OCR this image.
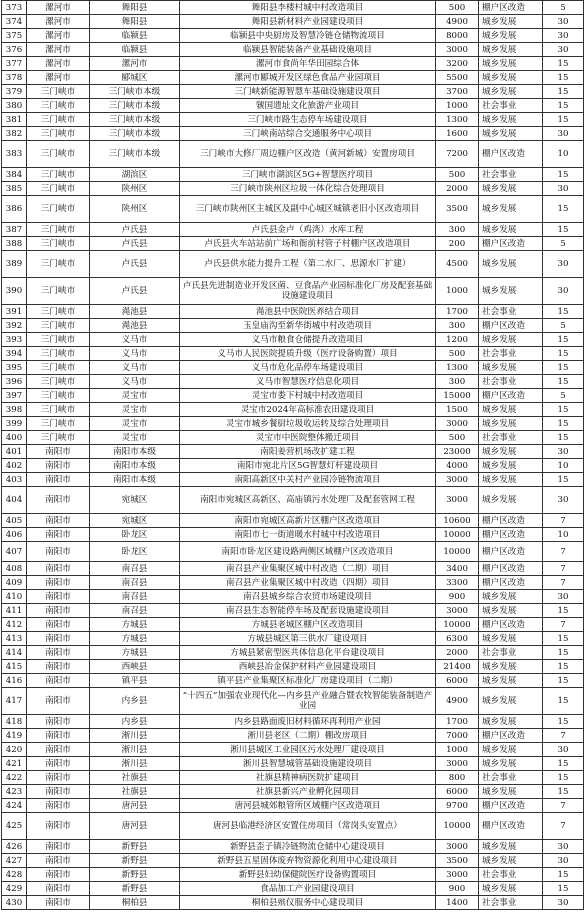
373	漯河市	舞阳县	舞阳县李楼村城中村改造项目	500	棚户区改造	5
374	漯河市	舞阳县	舞阳县新材料产业园建设项目	4900	城乡发展	30
375	漯河市	临颍县	临颍县中央厨房及智慧冷链仓储物流项目	8000	城乡发展	30
376	漯河市	临颍县	临颍县智能装备产业基础设施项目	3000	城乡发展	30
377	漯河市	漯河市	漯河市食尚年华田园综合体	3200	城乡发展	15
378	漯河市	郾城区	漯河市郾城开发区绿色食品产业园项目	5500	城乡发展	15
379	三门峡市	三门峡市本级	三门峡新能源智慧车基础设施建设项目	3700	城乡发展	15
380	三门峡市	三门峡市本级	虢国遗址文化旅游产业项目	1000	社会事业	15
381	三门峡市	三门峡市本级	三门峡市路生态停车场建设项目	1300	城乡发展	15
382	三门峡市	三门峡市本级	三门峡南站综合交通服务中心项目	1600	城乡发展	30
383	三门峡市	三门峡市本级	三门峡市大修厂周边棚户区改造（黄河新城）安置房项目	7200	棚户区改造	10
384	三门峡市	湖滨区	三门峡市湖滨区5G+智慧医疗项目	500	社会事业	15
385	三门峡市	陕州区	三门峡市陕州区垃圾一体化综合处理项目	2000	城乡发展	30
386	三门峡市	陕州区	三门峡市陕州区主城区及副中心城区城镇老旧小区改造项目	3500	城乡发展	15
387	三门峡市	卢氏县	卢氏县金卢（鸡湾）水库工程	300	城乡发展	15
388	三门峡市	卢氏县	卢氏县火车站站前广场和衙前村管子村棚户区改造项目	200	棚户区改造	5
389	三门峡市	卢氏县	卢氏县供水能力提升工程（第二水厂、思源水厂扩建）	4500	城乡发展	30
390	三门峡市	卢氏县	卢氏县先进制造业开发区菌、豆食品产业园标准化厂房及配套基础设施建设项目	1000	城乡发展	30
391	三门峡市	渑池县	渑池县中医院医养结合项目	1700	社会事业	15
392	三门峡市	渑池县	玉皇庙沟至新华街城中村改造项目	300	棚户区改造	5
393	三门峡市	义马市	义马市粮食仓储提升改造项目	1200	城乡发展	15
394	三门峡市	义马市	义马市人民医院提质升级（医疗设备购置）项目	500	社会事业	15
395	三门峡市	义马市	义马市危化品停车场建设项目	1300	城乡发展	15
396	三门峡市	义马市	义马市智慧医疗信息化项目	300	社会事业	15
397	三门峡市	灵宝市	灵宝市娄下村城中村改造项目	15000	棚户区改造	5
398	三门峡市	灵宝市	灵宝市2024年高标准农田建设项目	1500	城乡发展	15
399	三门峡市	灵宝市	灵宝市城乡餐厨垃圾收运转及综合处理项目	3000	城乡发展	15
400	三门峡市	灵宝市	灵宝市中医院整体搬迁项目	500	社会事业	15
401	南阳市	南阳市本级	南阳姜营机场改扩建工程	23000	城乡发展	30
402	南阳市	南阳市本级	南阳市宛北片区5G智慧灯杆建设项目	4000	城乡发展	10
403	南阳市	南阳市本级	南阳高新区中关村产业园冷链物流项目	3000	城乡发展	15
404	南阳市	宛城区	南阳市宛城区高新区、高庙镇污水处理厂及配套管网工程	3000	城乡发展	30
405	南阳市	宛城区	南阳市宛城区高新片区棚户区改造项目	10600	棚户区改造	7
406	南阳市	卧龙区	南阳市七一街道暖水村城中村改造项目	10000	棚户区改造	10
407	南阳市	卧龙区	南阳市卧龙区建设路两侧区域棚户区改造项目	10000	棚户区改造	7
408	南阳市	南召县	南召县产业集聚区城中村改造（二期）项目	3400	棚户区改造	7
409	南阳市	南召县	南召县产业集聚区城中村改造（四期）项目	3300	棚户区改造	7
410	南阳市	南召县	南召县城乡综合农贸市场建设项目	900	城乡发展	30
411	南阳市	南召县	南召县生态智能停车场及配套设施建设项目	3000	城乡发展	15
412	南阳市	方城县	方城县老城区棚户区改造项目	10000	棚户区改造	7
413	南阳市	方城县	方城县城区第三供水厂建设项目	6300	城乡发展	15
414	南阳市	方城县	方城县紧密型医共体信息化平台建设项目	2000	社会事业	15
415	南阳市	西峡县	西峡县冶金保护材料产业园建设项目	21400	城乡发展	15
416	南阳市	镇平县	镇平县产业集聚区标准化厂房建设项目（二期）	6000	城乡发展	15
417	南阳市	内乡县	“十四五”加强农业现代化—内乡县产业融合暨农牧智能装备制造产业园	4900	城乡发展	15
418	南阳市	内乡县	内乡县路面废旧材料循环再利用产业园	1700	城乡发展	15
419	南阳市	淅川县	淅川县老区（二期）棚改房项目	7000	棚户区改造	7
420	南阳市	淅川县	淅川县城区工业园区污水处理厂建设项目	1000	城乡发展	30
421	南阳市	淅川县	淅川县智慧城管基础设施建设项目	3000	城乡发展	15
422	南阳市	社旗县	社旗县精神病医院扩建项目	800	社会事业	15
423	南阳市	社旗县	社旗县新兴产业孵化园项目	6000	城乡发展	15
424	南阳市	唐河县	唐河县城郊粮管所区域棚户区改造项目	9700	棚户区改造	7
425	南阳市	唐河县	唐河县临港经济区安置住房项目（常岗头安置点）	10000	棚户区改造	7
426	南阳市	新野县	新野县歪子镇冷链物流仓储中心建设项目	3000	城乡发展	30
427	南阳市	新野县	新野县五星固体废弃物资源化利用中心建设项目	3500	城乡发展	30
428	南阳市	新野县	新野县妇幼保健院医疗设备购置项目	3000	社会事业	15
429	南阳市	新野县	食品加工产业园建设项目	900	城乡发展	15
430	南阳市	桐柏县	桐柏县殡仪服务中心建设项目	1400	社会事业	30
